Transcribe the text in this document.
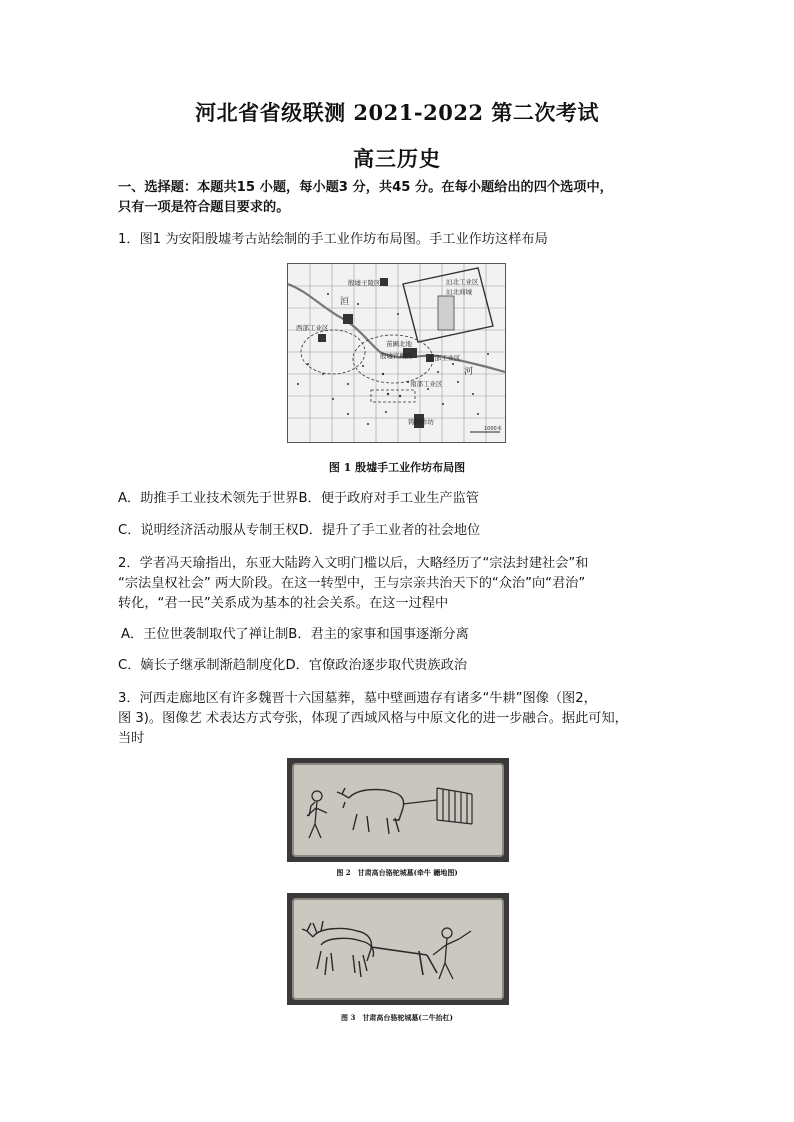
河北省省级联测 2021-2022 第二次考试
高三历史
一、选择题：本题共15 小题，每小题3 分，共45 分。在每小题给出的四个选项中，
只有一项是符合题目要求的。
1．图1 为安阳殷墟考古站绘制的手工业作坊布局图。手工业作坊这样布局
殷墟王陵区	洹北工业区
洹北商城
西部工业区
殷墟宫殿区 东部工业区
南部工业区
苗圃北地
铸铜作坊
洹
河
1000米
图 1 殷墟手工业作坊布局图
A．助推手工业技术领先于世界B．便于政府对手工业生产监管
C．说明经济活动服从专制王权D．提升了手工业者的社会地位
2．学者冯天瑜指出，东亚大陆跨入文明门槛以后，大略经历了“宗法封建社会”和
“宗法皇权社会” 两大阶段。在这一转型中，王与宗亲共治天下的“众治”向“君治”
转化，“君一民”关系成为基本的社会关系。在这一过程中
A．王位世袭制取代了禅让制B．君主的家事和国事逐渐分离
C．嫡长子继承制渐趋制度化D．官僚政治逐步取代贵族政治
3．河西走廊地区有许多魏晋十六国墓葬，墓中壁画遗存有诸多“牛耕”图像（图2，
图 3)。图像艺 术表达方式夸张，体现了西域风格与中原文化的进一步融合。据此可知，
当时
图 2　甘肃高台骆驼城墓(牵牛 耱地图)
图 3　甘肃高台骆驼城墓(二牛抬杠)
